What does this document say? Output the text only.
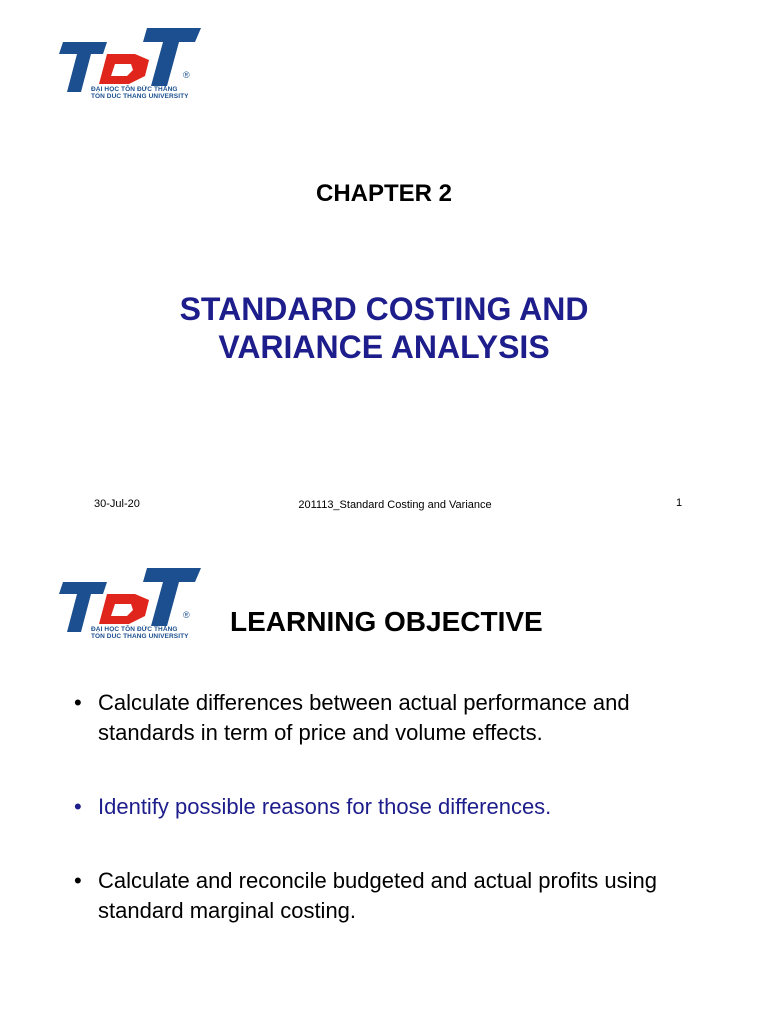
®
ĐẠI HỌC TÔN ĐỨC THẮNG
TON DUC THANG UNIVERSITY
CHAPTER 2
STANDARD COSTING AND
VARIANCE ANALYSIS
30-Jul-20	201113_Standard Costing and Variance	1
®
ĐẠI HỌC TÔN ĐỨC THẮNG
TON DUC THANG UNIVERSITY LEARNING OBJECTIVE
• Calculate differences between actual performance and standards in term of price and volume effects.
• Identify possible reasons for those differences.
• Calculate and reconcile budgeted and actual profits using standard marginal costing.
